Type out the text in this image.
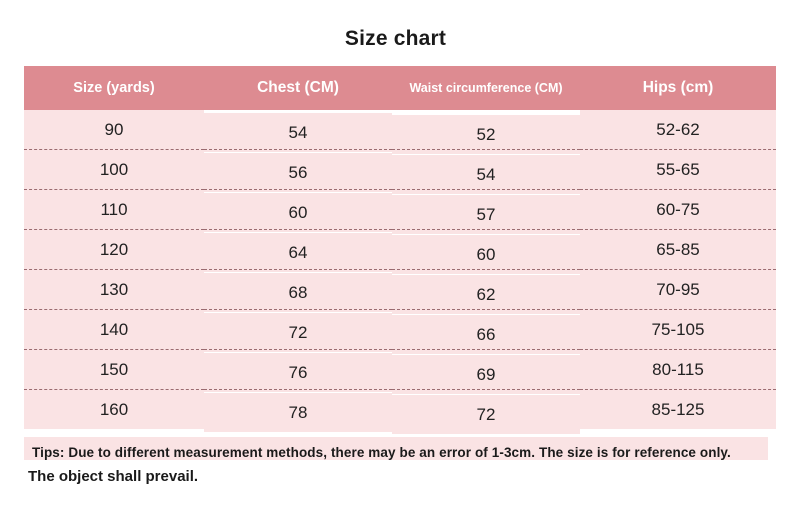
Size chart
Size (yards)	Chest (CM)	Waist circumference (CM)	Hips (cm)
90	54	52	52-62
100	56	54	55-65
110	60	57	60-75
120	64	60	65-85
130	68	62	70-95
140	72	66	75-105
150	76	69	80-115
160	78	72	85-125
Tips: Due to different measurement methods, there may be an error of 1-3cm. The size is for reference only.
The object shall prevail.
